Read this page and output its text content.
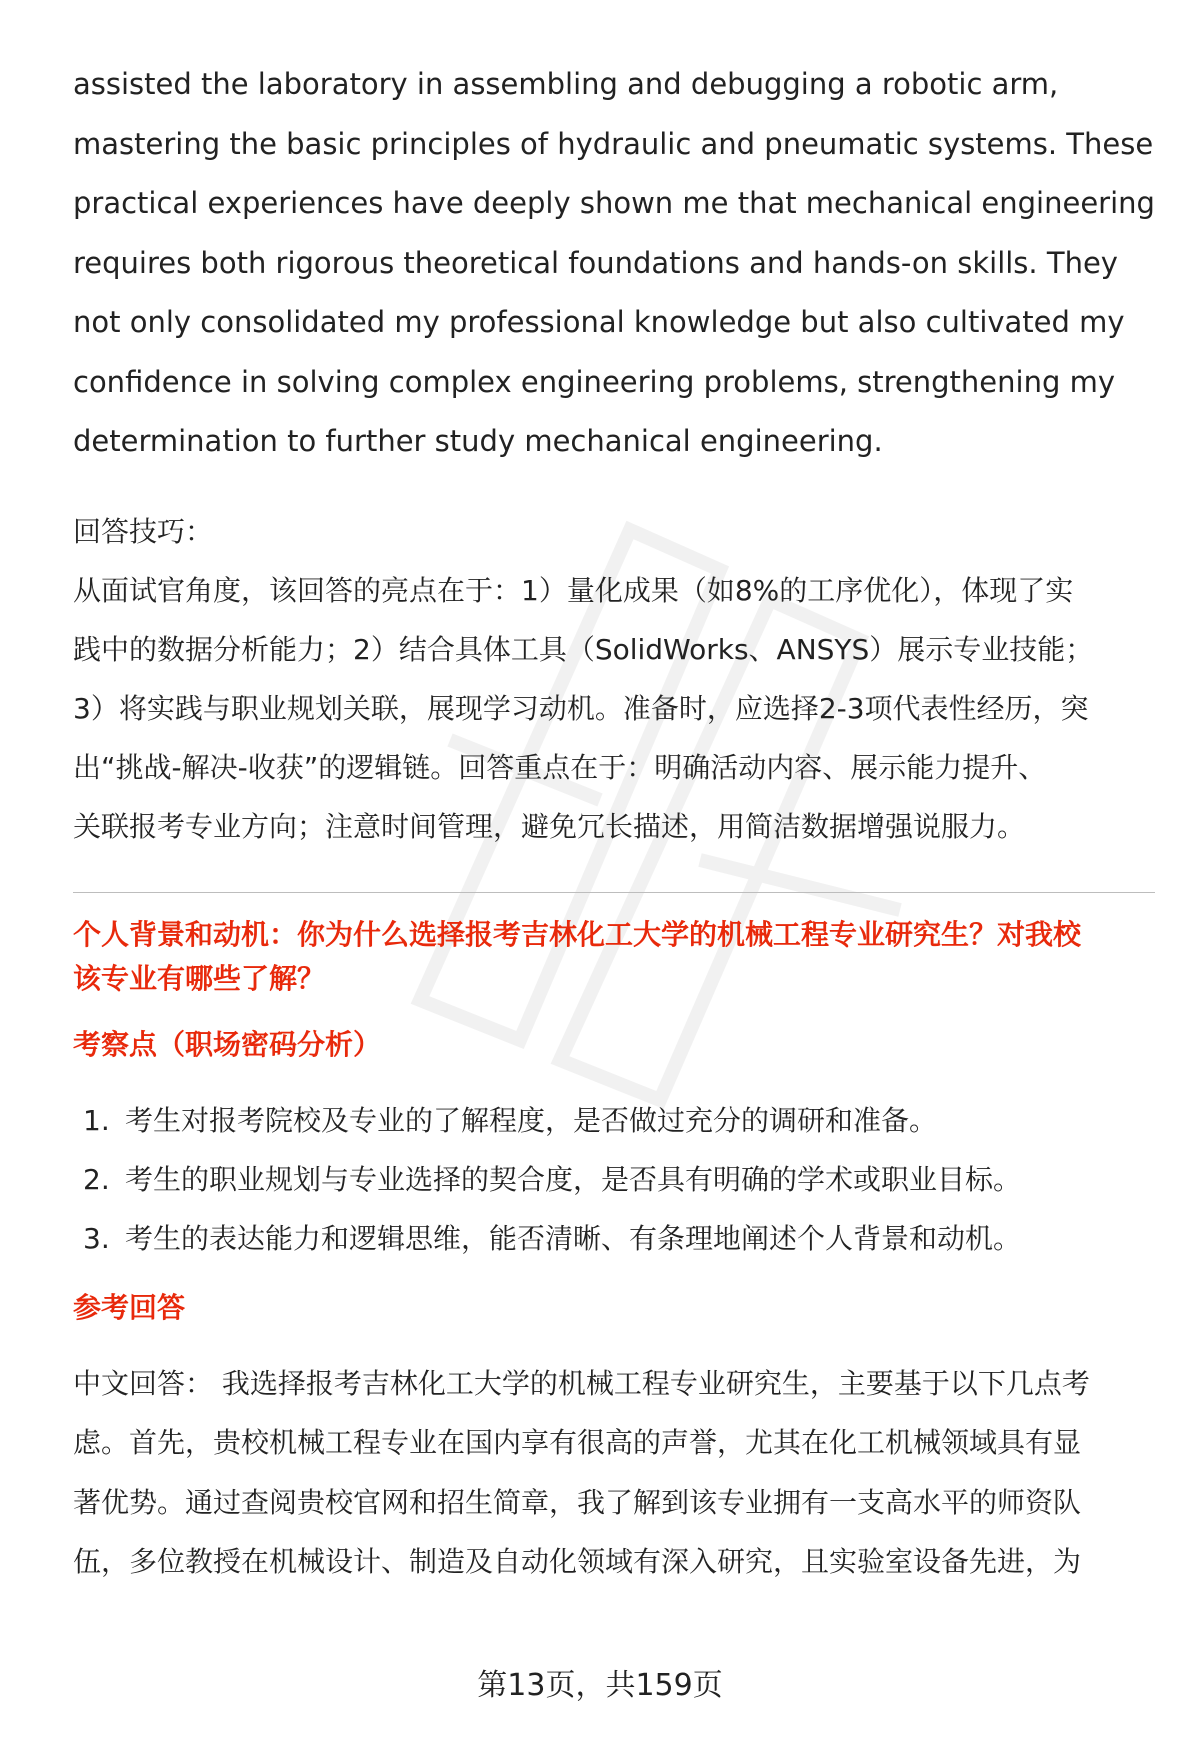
assisted the laboratory in assembling and debugging a robotic arm,
mastering the basic principles of hydraulic and pneumatic systems. These
practical experiences have deeply shown me that mechanical engineering
requires both rigorous theoretical foundations and hands-on skills. They
not only consolidated my professional knowledge but also cultivated my
confidence in solving complex engineering problems, strengthening my
determination to further study mechanical engineering.

回答技巧：
从面试官角度，该回答的亮点在于：1）量化成果（如8%的工序优化），体现了实
践中的数据分析能力；2）结合具体工具（SolidWorks、ANSYS）展示专业技能；
3）将实践与职业规划关联，展现学习动机。准备时，应选择2-3项代表性经历，突
出“挑战-解决-收获”的逻辑链。回答重点在于：明确活动内容、展示能力提升、
关联报考专业方向；注意时间管理，避免冗长描述，用简洁数据增强说服力。
个人背景和动机：你为什么选择报考吉林化工大学的机械工程专业研究生？对我校
该专业有哪些了解？
考察点（职场密码分析）
1. 考生对报考院校及专业的了解程度，是否做过充分的调研和准备。
2. 考生的职业规划与专业选择的契合度，是否具有明确的学术或职业目标。
3. 考生的表达能力和逻辑思维，能否清晰、有条理地阐述个人背景和动机。
参考回答
中文回答： 我选择报考吉林化工大学的机械工程专业研究生，主要基于以下几点考
虑。首先，贵校机械工程专业在国内享有很高的声誉，尤其在化工机械领域具有显
著优势。通过查阅贵校官网和招生简章，我了解到该专业拥有一支高水平的师资队
伍，多位教授在机械设计、制造及自动化领域有深入研究，且实验室设备先进，为
第13页，共159页
